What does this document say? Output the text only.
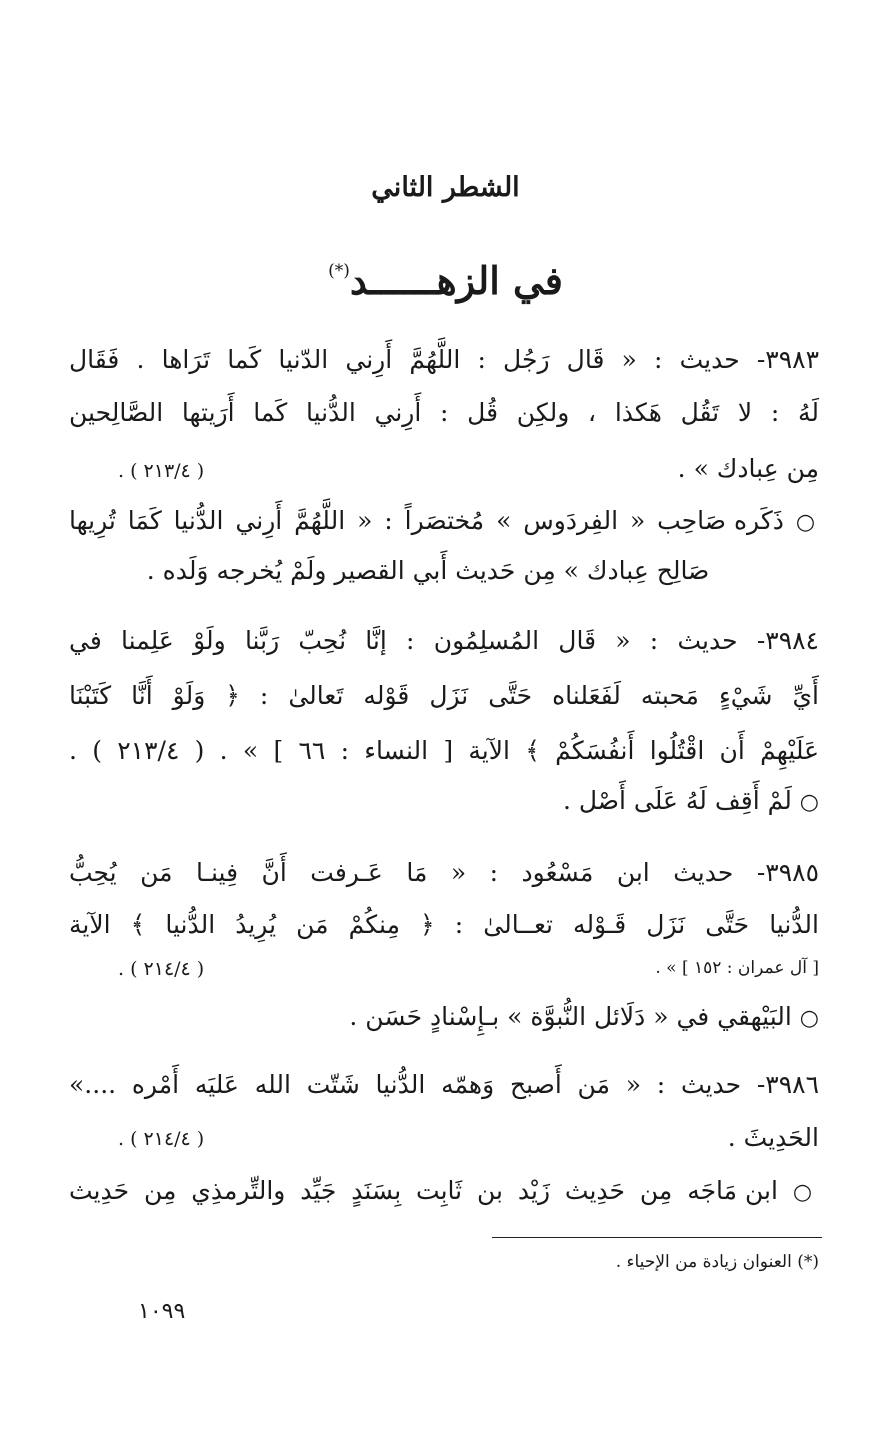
الشطر الثاني
في الزهــــــد(*)
٣٩٨٣- حديث : « قَال رَجُل : اللَّهُمَّ أَرِني الدّنيا كَما تَرَاها . فَقَال
لَهُ : لا تَقُل هَكذا ، ولكِن قُل : أَرِني الدُّنيا كَما أَرَيتها الصَّالِحين
مِن عِبادك » .
( ٢١٣/٤ ) .
○ ذَكَره صَاحِب « الفِردَوس » مُختصَراً : « اللَّهُمَّ أَرِني الدُّنيا كَمَا تُرِيها
صَالِح عِبادك » مِن حَديث أَبي القصير ولَمْ يُخرجه وَلَده .
٣٩٨٤- حديث : « قَال المُسلِمُون : إنَّا نُحِبّ رَبَّنا ولَوْ عَلِمنا في
أَيِّ شَيْءٍ مَحبته لَفَعَلناه حَتَّى نَزَل قَوْله تَعالىٰ : ﴿ وَلَوْ أَنَّا كَتَبْنَا
عَلَيْهِمْ أَن اقْتُلُوا أَنفُسَكُمْ ﴾ الآية [ النساء : ٦٦ ] » . ( ٢١٣/٤ ) .
○ لَمْ أَقِف لَهُ عَلَى أَصْل .
٣٩٨٥- حديث ابن مَسْعُود : « مَا عَـرفت أَنَّ فِينـا مَن يُحِبُّ
الدُّنيا حَتَّى نَزَل قَـوْله تعــالىٰ : ﴿ مِنكُمْ مَن يُرِيدُ الدُّنيا ﴾ الآية
[ آل عمران : ١٥٢ ] » .
( ٢١٤/٤ ) .
○ البَيْهقي في « دَلَائل النُّبوَّة » بـإِسْنادٍ حَسَن .
٣٩٨٦- حديث : « مَن أَصبح وَهمّه الدُّنيا شَتّت الله عَليَه أَمْره ....»
الحَدِيثَ .
( ٢١٤/٤ ) .
○ ابن مَاجَه مِن حَدِيث زَيْد بن ثَابِت بِسَنَدٍ جَيِّد والتِّرمذِي مِن حَدِيث
(*) العنوان زيادة من الإحياء .
١٠٩٩
